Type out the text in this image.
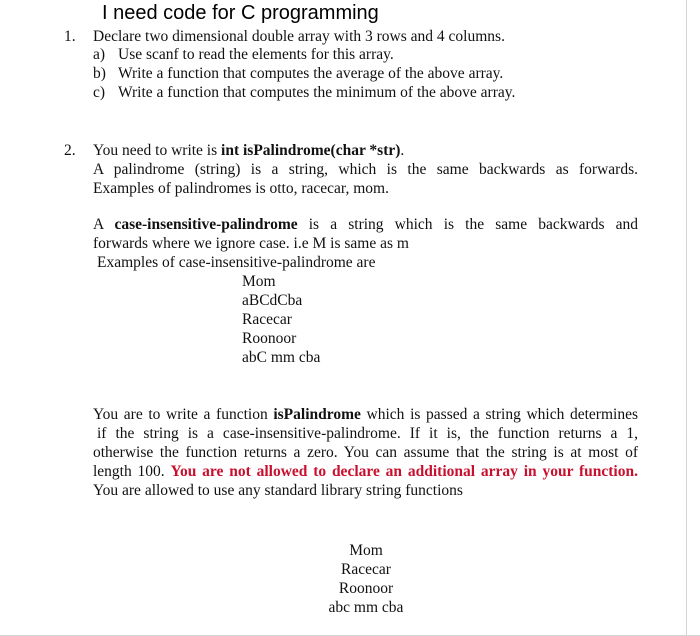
I need code for C programming
1. Declare two dimensional double array with 3 rows and 4 columns.
a) Use scanf to read the elements for this array.
b) Write a function that computes the average of the above array.
c) Write a function that computes the minimum of the above array.
2. You need to write is int isPalindrome(char *str).
A palindrome (string) is a string, which is the same backwards as forwards.
Examples of palindromes is otto, racecar, mom.
A case-insensitive-palindrome is a string which is the same backwards and
forwards where we ignore case. i.e M is same as m
Examples of case-insensitive-palindrome are
Mom
aBCdCba
Racecar
Roonoor
abC mm cba
You are to write a function isPalindrome which is passed a string which determines
if the string is a case-insensitive-palindrome. If it is, the function returns a 1,
otherwise the function returns a zero. You can assume that the string is at most of
length 100. You are not allowed to declare an additional array in your function.
You are allowed to use any standard library string functions
Mom
Racecar
Roonoor
abc mm cba
